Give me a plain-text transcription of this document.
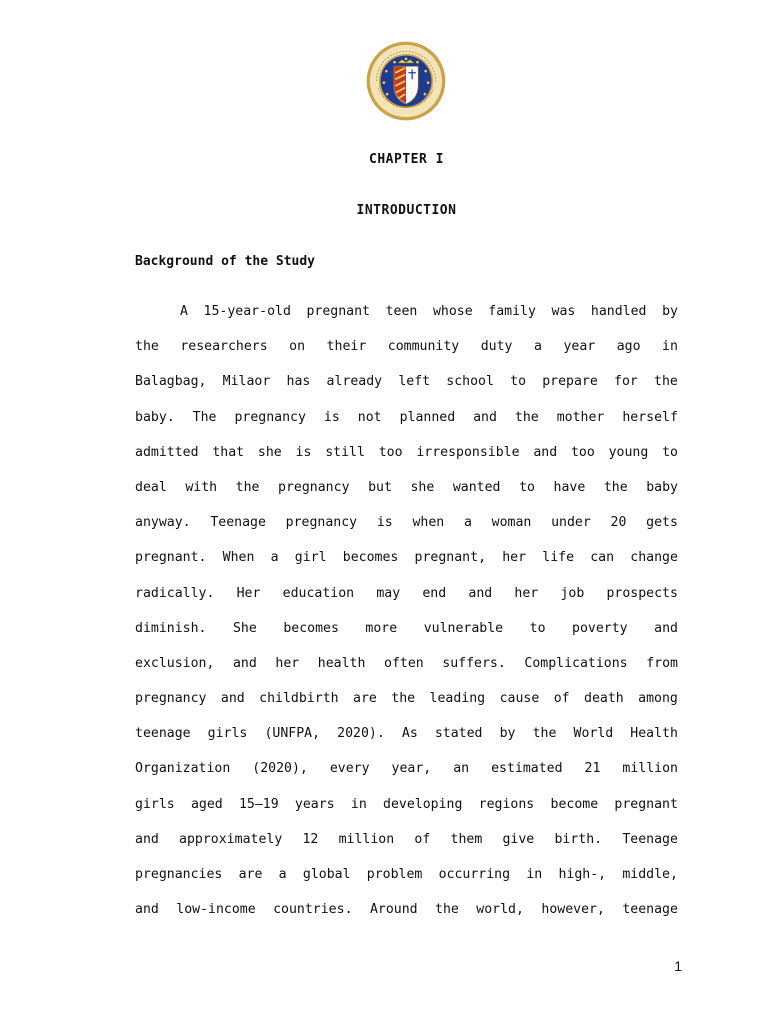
CHAPTER I
INTRODUCTION
Background of the Study
A 15-year-old pregnant teen whose family was handled by
the researchers on their community duty a year ago in
Balagbag, Milaor has already left school to prepare for the
baby. The pregnancy is not planned and the mother herself
admitted that she is still too irresponsible and too young to
deal with the pregnancy but she wanted to have the baby
anyway. Teenage pregnancy is when a woman under 20 gets
pregnant. When a girl becomes pregnant, her life can change
radically. Her education may end and her job prospects
diminish. She becomes more vulnerable to poverty and
exclusion, and her health often suffers. Complications from
pregnancy and childbirth are the leading cause of death among
teenage girls (UNFPA, 2020). As stated by the World Health
Organization (2020), every year, an estimated 21 million
girls aged 15–19 years in developing regions become pregnant
and approximately 12 million of them give birth. Teenage
pregnancies are a global problem occurring in high-, middle,
and low-income countries. Around the world, however, teenage
1
